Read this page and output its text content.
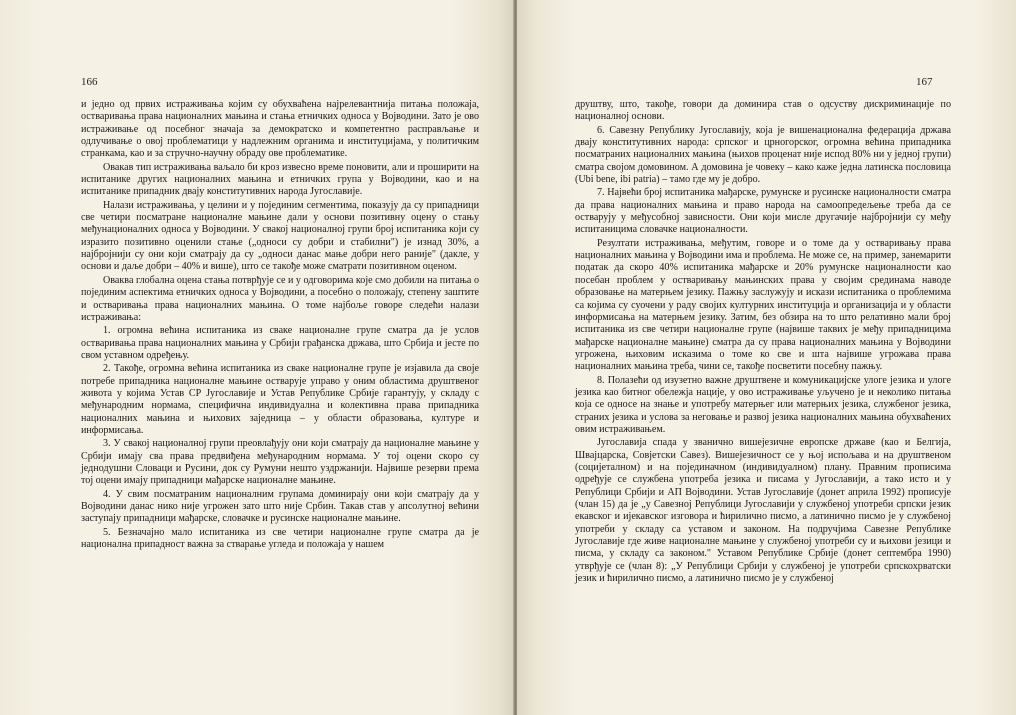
166

и једно од првих истраживања којим су обухваћена најрелевантнија питања положаја, остваривања права националних мањина и стања етничких односа у Војводини. Зато је ово истраживање од посебног значаја за демократско и компетентно расправљање и одлучивање о овој проблематици у надлежним органима и институцијама, у политичким странкама, као и за стручно-научну обраду ове проблематике.

Овакав тип истраживања ваљало би кроз извесно време поновити, али и проширити на испитанике других националних мањина и етничких група у Војводини, као и на испитанике припадник двају конститутивних народа Југославије.

Налази истраживања, у целини и у појединим сегментима, показују да су припадници све четири посматране националне мањине дали у основи позитивну оцену о стању међунационалних односа у Војводини. У свакој националној групи број испитаника који су изразито позитивно оценили стање („односи су добри и стабилни") је изнад 30%, а најбројнији су они који сматрају да су „односи данас мање добри него раније" (дакле, у основи и даље добри – 40% и више), што се такође може сматрати позитивном оценом.

Оваква глобална оцена стања потврђује се и у одговорима које смо добили на питања о појединим аспектима етничких односа у Војводини, а посебно о положају, степену заштите и остваривања права националних мањина. О томе најбоље говоре следећи налази истраживања:

1. огромна већина испитаника из сваке националне групе сматра да је услов остваривања права националних мањина у Србији грађанска држава, што Србија и јесте по свом уставном одређењу.

2. Такође, огромна већина испитаника из сваке националне групе је изјавила да своје потребе припадника националне мањине остварује управо у оним областима друштвеног живота у којима Устав СР Југославије и Устав Републике Србије гарантују, у складу с међународним нормама, специфична индивидуална и колективна права припадника националних мањина и њихових заједница – у области образовања, културе и информисања.

3. У свакој националној групи преовлађују они који сматрају да националне мањине у Србији имају сва права предвиђена међународним нормама. У тој оцени скоро су једнодушни Словаци и Русини, док су Румуни нешто уздржанији. Највише резерви према тој оцени имају припадници мађарске националне мањине.

4. У свим посматраним националним групама доминирају они који сматрају да у Војводини данас нико није угрожен зато што није Србин. Такав став у апсолутној већини заступају припадници мађарске, словачке и русинске националне мањине.

5. Безначајно мало испитаника из све четири националне групе сматра да је национална припадност важна за стварање угледа и положаја у нашем

167

друштву, што, такође, говори да доминира став о одсуству дискриминације по националној основи.

6. Савезну Републику Југославију, која је вишенационална федерација држава двају конститутивних народа: српског и црногорског, огромна већина припадника посматраних националних мањина (њихов проценат није испод 80% ни у једној групи) сматра својом домовином. А домовина је човеку – како каже једна латинска пословица (Ubi bene, ibi patria) – тамо где му је добро.

7. Највећи број испитаника мађарске, румунске и русинске националности сматра да права националних мањина и право народа на самоопредељење треба да се остварују у међусобној зависности. Они који мисле другачије најбројнији су међу испитаницима словачке националности.

Резултати истраживања, међутим, говоре и о томе да у остваривању права националних мањина у Војводини има и проблема. Не може се, на пример, занемарити податак да скоро 40% испитаника мађарске и 20% румунске националности као посебан проблем у остваривању мањинских права у својим срединама наводе образовање на матерњем језику. Пажњу заслужују и искази испитаника о проблемима са којима су суочени у раду својих културних институција и организација и у области информисања на матерњем језику. Затим, без обзира на то што релативно мали број испитаника из све четири националне групе (највише таквих је међу припадницима мађарске националне мањине) сматра да су права националних мањина у Војводини угрожена, њиховим исказима о томе ко све и шта највише угрожава права националних мањина треба, чини се, такође посветити посебну пажњу.

8. Полазећи од изузетно важне друштвене и комуникацијске улоге језика и улоге језика као битног обележја нације, у ово истраживање уључено је и неколико питања која се односе на знање и употребу матерњег или матерњих језика, службеног језика, страних језика и услова за неговање и развој језика националних мањина обухваћених овим истраживањем.

Југославија спада у званично вишејезичне европске државе (као и Белгија, Швајцарска, Совјетски Савез). Вишејезичност се у њој испољава и на друштвеном (социјеталном) и на појединачном (индивидуалном) плану. Правним прописима одређује се службена употреба језика и писама у Југославији, а тако исто и у Републици Србији и АП Војводини. Устав Југославије (донет априла 1992) прописује (члан 15) да је „у Савезној Републици Југославији у службеној употреби српски језик екавског и ијекавског изговора и ћирилично писмо, а латинично писмо је у службеној употреби у складу са уставом и законом. На подручјима Савезне Републике Југославије где живе националне мањине у службеној употреби су и њихови језици и писма, у складу са законом." Уставом Републике Србије (донет септембра 1990) утврђује се (члан 8): „У Републици Србији у службеној је употреби српскохрватски језик и ћирилично писмо, а латинично писмо је у службеној
